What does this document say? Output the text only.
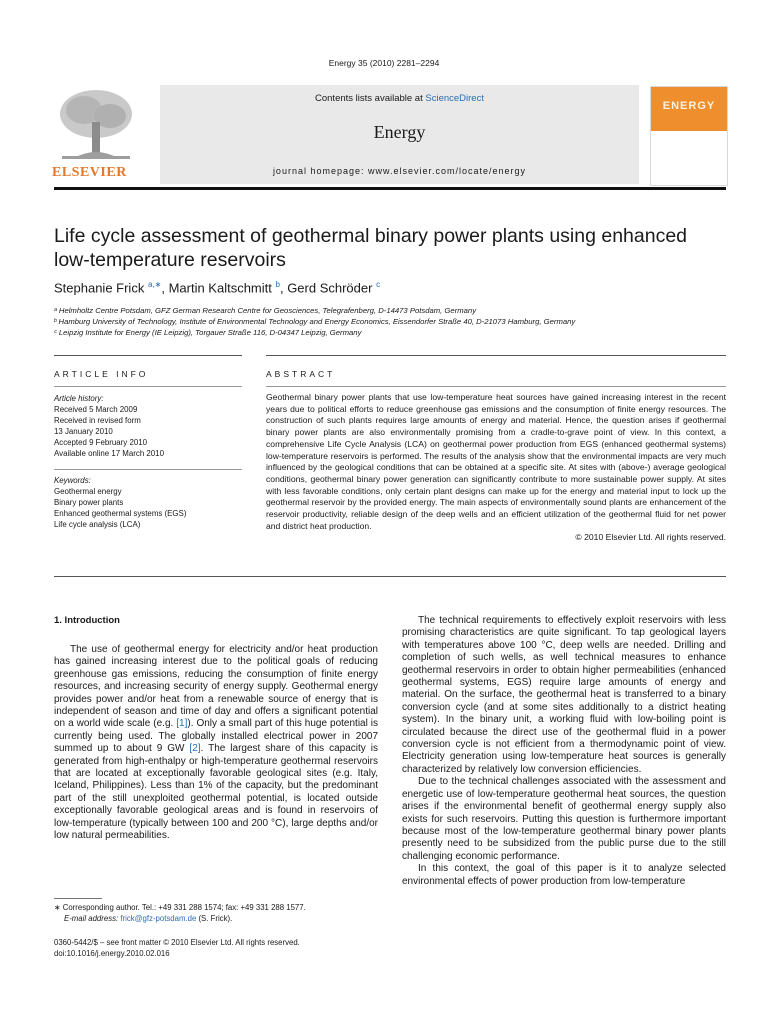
Energy 35 (2010) 2281–2294
ELSEVIER
Contents lists available at ScienceDirect
Energy
journal homepage: www.elsevier.com/locate/energy
ENERGY
Life cycle assessment of geothermal binary power plants using enhanced low-temperature reservoirs
Stephanie Frick $^{a,∗}$, Martin Kaltschmitt $^b$, Gerd Schröder $^c$
ᵃ Helmholtz Centre Potsdam, GFZ German Research Centre for Geosciences, Telegrafenberg, D-14473 Potsdam, Germany
ᵇ Hamburg University of Technology, Institute of Environmental Technology and Energy Economics, Eissendorfer Straße 40, D-21073 Hamburg, Germany
ᶜ Leipzig Institute for Energy (IE Leipzig), Torgauer Straße 116, D-04347 Leipzig, Germany
ARTICLE INFO
Article history:
Received 5 March 2009
Received in revised form
13 January 2010
Accepted 9 February 2010
Available online 17 March 2010
Keywords:
Geothermal energy
Binary power plants
Enhanced geothermal systems (EGS)
Life cycle analysis (LCA)
ABSTRACT
Geothermal binary power plants that use low-temperature heat sources have gained increasing interest in the recent years due to political efforts to reduce greenhouse gas emissions and the consumption of finite energy resources. The construction of such plants requires large amounts of energy and material. Hence, the question arises if geothermal binary power plants are also environmentally promising from a cradle-to-grave point of view. In this context, a comprehensive Life Cycle Analysis (LCA) on geothermal power production from EGS (enhanced geothermal systems) low-temperature reservoirs is performed. The results of the analysis show that the environmental impacts are very much influenced by the geological conditions that can be obtained at a specific site. At sites with (above-) average geological conditions, geothermal binary power generation can significantly contribute to more sustainable power supply. At sites with less favorable conditions, only certain plant designs can make up for the energy and material input to lock up the geothermal reservoir by the provided energy. The main aspects of environmentally sound plants are enhancement of the reservoir productivity, reliable design of the deep wells and an efficient utilization of the geothermal fluid for net power and district heat production.
© 2010 Elsevier Ltd. All rights reserved.
1. Introduction

The use of geothermal energy for electricity and/or heat production has gained increasing interest due to the political goals of reducing greenhouse gas emissions, reducing the consumption of finite energy resources, and increasing security of energy supply. Geothermal energy provides power and/or heat from a renewable source of energy that is independent of season and time of day and offers a significant potential on a world wide scale (e.g. [1]). Only a small part of this huge potential is currently being used. The globally installed electrical power in 2007 summed up to about 9 GW [2]. The largest share of this capacity is generated from high-enthalpy or high-temperature geothermal reservoirs that are located at exceptionally favorable geological sites (e.g. Italy, Iceland, Philippines). Less than 1% of the capacity, but the predominant part of the still unexploited geothermal potential, is located outside exceptionally favorable geological areas and is found in reservoirs of low-temperature (typically between 100 and 200 °C), large depths and/or low natural permeabilities.

The technical requirements to effectively exploit reservoirs with less promising characteristics are quite significant. To tap geological layers with temperatures above 100 °C, deep wells are needed. Drilling and completion of such wells, as well technical measures to enhance geothermal reservoirs in order to obtain higher permeabilities (enhanced geothermal systems, EGS) require large amounts of energy and material. On the surface, the geothermal heat is transferred to a binary conversion cycle (and at some sites additionally to a district heating system). In the binary unit, a working fluid with low-boiling point is circulated because the direct use of the geothermal fluid in a power conversion cycle is not efficient from a thermodynamic point of view. Electricity generation using low-temperature heat sources is generally characterized by relatively low conversion efficiencies.

Due to the technical challenges associated with the assessment and energetic use of low-temperature geothermal heat sources, the question arises if the environmental benefit of geothermal energy supply also exists for such reservoirs. Putting this question is furthermore important because most of the low-temperature geothermal binary power plants presently need to be subsidized from the public purse due to the still challenging economic performance.

In this context, the goal of this paper is it to analyze selected environmental effects of power production from low-temperature

∗ Corresponding author. Tel.: +49 331 288 1574; fax: +49 331 288 1577.
E-mail address: frick@gfz-potsdam.de (S. Frick).
0360-5442/$ – see front matter © 2010 Elsevier Ltd. All rights reserved.
doi:10.1016/j.energy.2010.02.016
